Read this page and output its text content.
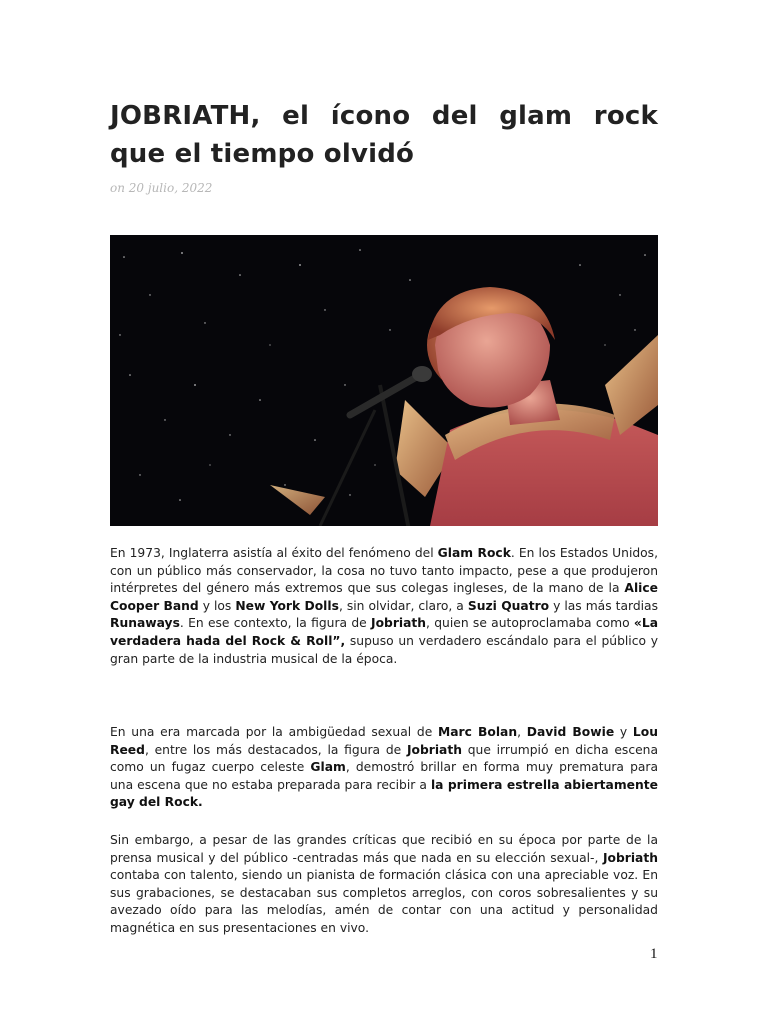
JOBRIATH, el ícono del glam rock
que el tiempo olvidó

on 20 julio, 2022

En 1973, Inglaterra asistía al éxito del fenómeno del Glam Rock. En los Estados Unidos, con un público más conservador, la cosa no tuvo tanto impacto, pese a que produjeron intérpretes del género más extremos que sus colegas ingleses, de la mano de la Alice Cooper Band y los New York Dolls, sin olvidar, claro, a Suzi Quatro y las más tardias Runaways. En ese contexto, la figura de Jobriath, quien se autoproclamaba como «La verdadera hada del Rock & Roll”, supuso un verdadero escándalo para el público y gran parte de la industria musical de la época.

En una era marcada por la ambigüedad sexual de Marc Bolan, David Bowie y Lou Reed, entre los más destacados, la figura de Jobriath que irrumpió en dicha escena como un fugaz cuerpo celeste Glam, demostró brillar en forma muy prematura para una escena que no estaba preparada para recibir a la primera estrella abiertamente gay del Rock.

Sin embargo, a pesar de las grandes críticas que recibió en su época por parte de la prensa musical y del público -centradas más que nada en su elección sexual-, Jobriath contaba con talento, siendo un pianista de formación clásica con una apreciable voz. En sus grabaciones, se destacaban sus completos arreglos, con coros sobresalientes y su avezado oído para las melodías, amén de contar con una actitud y personalidad magnética en sus presentaciones en vivo.

1
